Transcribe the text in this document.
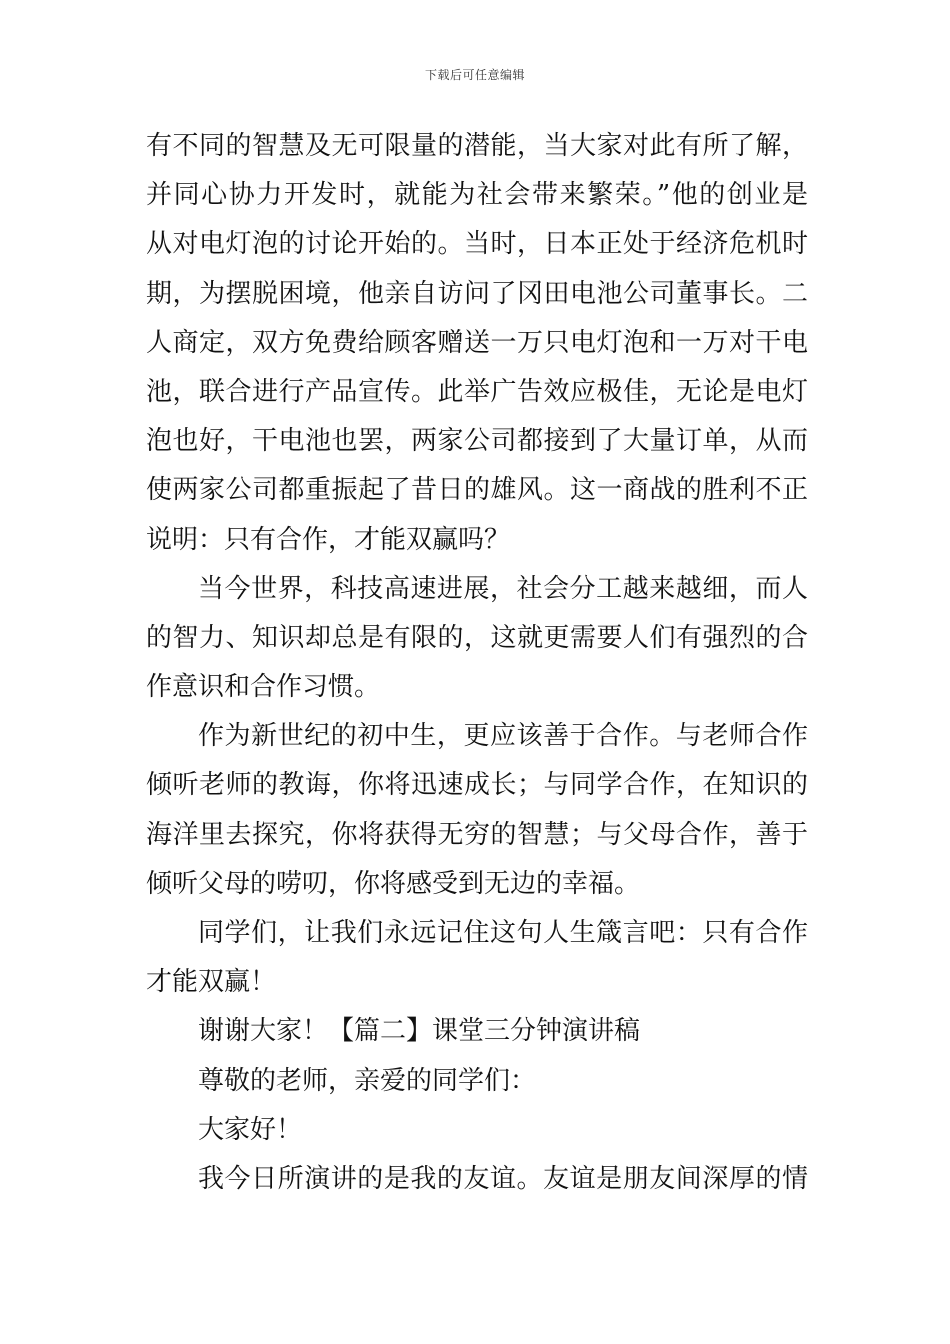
下载后可任意编辑
有不同的智慧及无可限量的潜能，当大家对此有所了解，
并同心协力开发时，就能为社会带来繁荣。”他的创业是
从对电灯泡的讨论开始的。当时，日本正处于经济危机时
期，为摆脱困境，他亲自访问了冈田电池公司董事长。二
人商定，双方免费给顾客赠送一万只电灯泡和一万对干电
池，联合进行产品宣传。此举广告效应极佳，无论是电灯
泡也好，干电池也罢，两家公司都接到了大量订单，从而
使两家公司都重振起了昔日的雄风。这一商战的胜利不正
说明：只有合作，才能双赢吗？
当今世界，科技高速进展，社会分工越来越细，而人
的智力、知识却总是有限的，这就更需要人们有强烈的合
作意识和合作习惯。
作为新世纪的初中生，更应该善于合作。与老师合作
倾听老师的教诲，你将迅速成长；与同学合作，在知识的
海洋里去探究，你将获得无穷的智慧；与父母合作，善于
倾听父母的唠叨，你将感受到无边的幸福。
同学们，让我们永远记住这句人生箴言吧：只有合作
才能双赢！
谢谢大家！【篇二】课堂三分钟演讲稿
尊敬的老师，亲爱的同学们：
大家好！
我今日所演讲的是我的友谊。友谊是朋友间深厚的情
